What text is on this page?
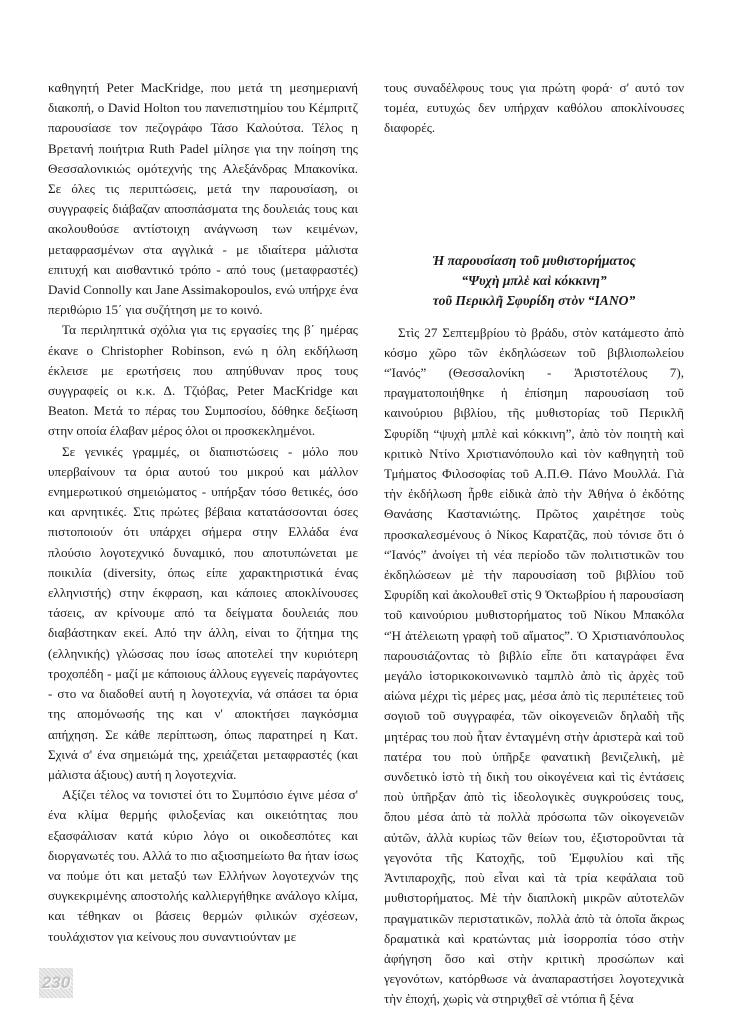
καθηγητή Peter MacKridge, που μετά τη μεσημεριανή διακοπή, ο David Holton του πανεπιστημίου του Κέμπριτζ παρουσίασε τον πεζογράφο Τάσο Καλούτσα. Τέλος η Βρετανή ποιήτρια Ruth Padel μίλησε για την ποίηση της Θεσσαλονικιώς ομότεχνής της Αλεξάνδρας Μπακονίκα. Σε όλες τις περιπτώσεις, μετά την παρουσίαση, οι συγγραφείς διάβαζαν αποσπάσματα της δουλειάς τους και ακολουθούσε αντίστοιχη ανάγνωση των κειμένων, μεταφρασμένων στα αγγλικά - με ιδιαίτερα μάλιστα επιτυχή και αισθαντικό τρόπο - από τους (μεταφραστές) David Connolly και Jane Assimakopoulos, ενώ υπήρχε ένα περιθώριο 15΄ για συζήτηση με το κοινό.

Τα περιληπτικά σχόλια για τις εργασίες της β΄ ημέρας έκανε ο Christopher Robinson, ενώ η όλη εκδήλωση έκλεισε με ερωτήσεις που απηύθυναν προς τους συγγραφείς οι κ.κ. Δ. Τζιόβας, Peter MacKridge και Beaton. Μετά το πέρας του Συμποσίου, δόθηκε δεξίωση στην οποία έλαβαν μέρος όλοι οι προσκεκλημένοι.

Σε γενικές γραμμές, οι διαπιστώσεις - μόλο που υπερβαίνουν τα όρια αυτού του μικρού και μάλλον ενημερωτικού σημειώματος - υπήρξαν τόσο θετικές, όσο και αρνητικές. Στις πρώτες βέβαια κατατάσσονται όσες πιστοποιούν ότι υπάρχει σήμερα στην Ελλάδα ένα πλούσιο λογοτεχνικό δυναμικό, που αποτυπώνεται με ποικιλία (diversity, όπως είπε χαρακτηριστικά ένας ελληνιστής) στην έκφραση, και κάποιες αποκλίνουσες τάσεις, αν κρίνουμε από τα δείγματα δουλειάς που διαβάστηκαν εκεί. Από την άλλη, είναι το ζήτημα της (ελληνικής) γλώσσας που ίσως αποτελεί την κυριότερη τροχοπέδη - μαζί με κάποιους άλλους εγγενείς παράγοντες - στο να διαδοθεί αυτή η λογοτεχνία, νά σπάσει τα όρια της απομόνωσής της και ν' αποκτήσει παγκόσμια απήχηση. Σε κάθε περίπτωση, όπως παρατηρεί η Κατ. Σχινά σ' ένα σημειώμά της, χρειάζεται μεταφραστές (και μάλιστα άξιους) αυτή η λογοτεχνία.

Αξίζει τέλος να τονιστεί ότι το Συμπόσιο έγινε μέσα σ' ένα κλίμα θερμής φιλοξενίας και οικειότητας που εξασφάλισαν κατά κύριο λόγο οι οικοδεσπότες και διοργανωτές του. Αλλά το πιο αξιοσημείωτο θα ήταν ίσως να πούμε ότι και μεταξύ των Ελλήνων λογοτεχνών της συγκεκριμένης αποστολής καλλιεργήθηκε ανάλογο κλίμα, και τέθηκαν οι βάσεις θερμών φιλικών σχέσεων, τουλάχιστον για κείνους που συναντιούνταν με

τους συναδέλφους τους για πρώτη φορά· σ' αυτό τον τομέα, ευτυχώς δεν υπήρχαν καθόλου αποκλίνουσες διαφορές.

Ἡ παρουσίαση τοῦ μυθιστορήματος
“Ψυχὴ μπλὲ καὶ κόκκινη”
τοῦ Περικλῆ Σφυρίδη στὸν “ΙΑΝΟ”

Στὶς 27 Σεπτεμβρίου τὸ βράδυ, στὸν κατάμεστο ἀπὸ κόσμο χῶρο τῶν ἐκδηλώσεων τοῦ βιβλιοπωλείου “Ἰανός” (Θεσσαλονίκη - Ἀριστοτέλους 7), πραγματοποιήθηκε ἡ ἐπίσημη παρουσίαση τοῦ καινούριου βιβλίου, τῆς μυθιστορίας τοῦ Περικλῆ Σφυρίδη “ψυχὴ μπλὲ καὶ κόκκινη”, ἀπὸ τὸν ποιητὴ καὶ κριτικὸ Ντίνο Χριστιανόπουλο καὶ τὸν καθηγητὴ τοῦ Τμήματος Φιλοσοφίας τοῦ Α.Π.Θ. Πάνο Μουλλά. Γιὰ τὴν ἐκδήλωση ἦρθε εἰδικὰ ἀπὸ τὴν Ἀθήνα ὁ ἐκδότης Θανάσης Καστανιώτης. Πρῶτος χαιρέτησε τοὺς προσκαλεσμένους ὁ Νίκος Καρατζᾶς, ποὺ τόνισε ὅτι ὁ “Ἰανός” ἀνοίγει τὴ νέα περίοδο τῶν πολιτιστικῶν του ἐκδηλώσεων μὲ τὴν παρουσίαση τοῦ βιβλίου τοῦ Σφυρίδη καὶ ἀκολουθεῖ στὶς 9 Ὀκτωβρίου ἡ παρουσίαση τοῦ καινούριου μυθιστορήματος τοῦ Νίκου Μπακόλα “Ἡ ἀτέλειωτη γραφὴ τοῦ αἵματος”. Ὁ Χριστιανόπουλος παρουσιάζοντας τὸ βιβλίο εἶπε ὅτι καταγράφει ἕνα μεγάλο ἱστορικοκοινωνικὸ ταμπλὸ ἀπὸ τὶς ἀρχὲς τοῦ αἰώνα μέχρι τὶς μέρες μας, μέσα ἀπὸ τὶς περιπέτειες τοῦ σογιοῦ τοῦ συγγραφέα, τῶν οἰκογενειῶν δηλαδὴ τῆς μητέρας του ποὺ ἦταν ἐνταγμένη στὴν ἀριστερὰ καὶ τοῦ πατέρα του ποὺ ὑπῆρξε φανατικὴ βενιζελικὴ, μὲ συνδετικὸ ἱστὸ τὴ δικὴ του οἰκογένεια καὶ τὶς ἐντάσεις ποὺ ὑπῆρξαν ἀπὸ τὶς ἰδεολογικὲς συγκρούσεις τους, ὅπου μέσα ἀπὸ τὰ πολλὰ πρόσωπα τῶν οἰκογενειῶν αὐτῶν, ἀλλὰ κυρίως τῶν θείων του, ἐξιστοροῦνται τὰ γεγονότα τῆς Κατοχῆς, τοῦ Ἐμφυλίου καὶ τῆς Ἀντιπαροχῆς, ποὺ εἶναι καὶ τὰ τρία κεφάλαια τοῦ μυθιστορήματος. Μὲ τὴν διαπλοκὴ μικρῶν αὐτοτελῶν πραγματικῶν περιστατικῶν, πολλὰ ἀπὸ τὰ ὁποῖα ἄκρως δραματικὰ καὶ κρατώντας μιὰ ἰσορροπία τόσο στὴν ἀφήγηση ὅσο καὶ στὴν κριτικὴ προσώπων καὶ γεγονότων, κατόρθωσε νὰ ἀναπαραστήσει λογοτεχνικὰ τὴν ἐποχή, χωρὶς νὰ στηριχθεῖ σὲ ντόπια ἢ ξένα

230
